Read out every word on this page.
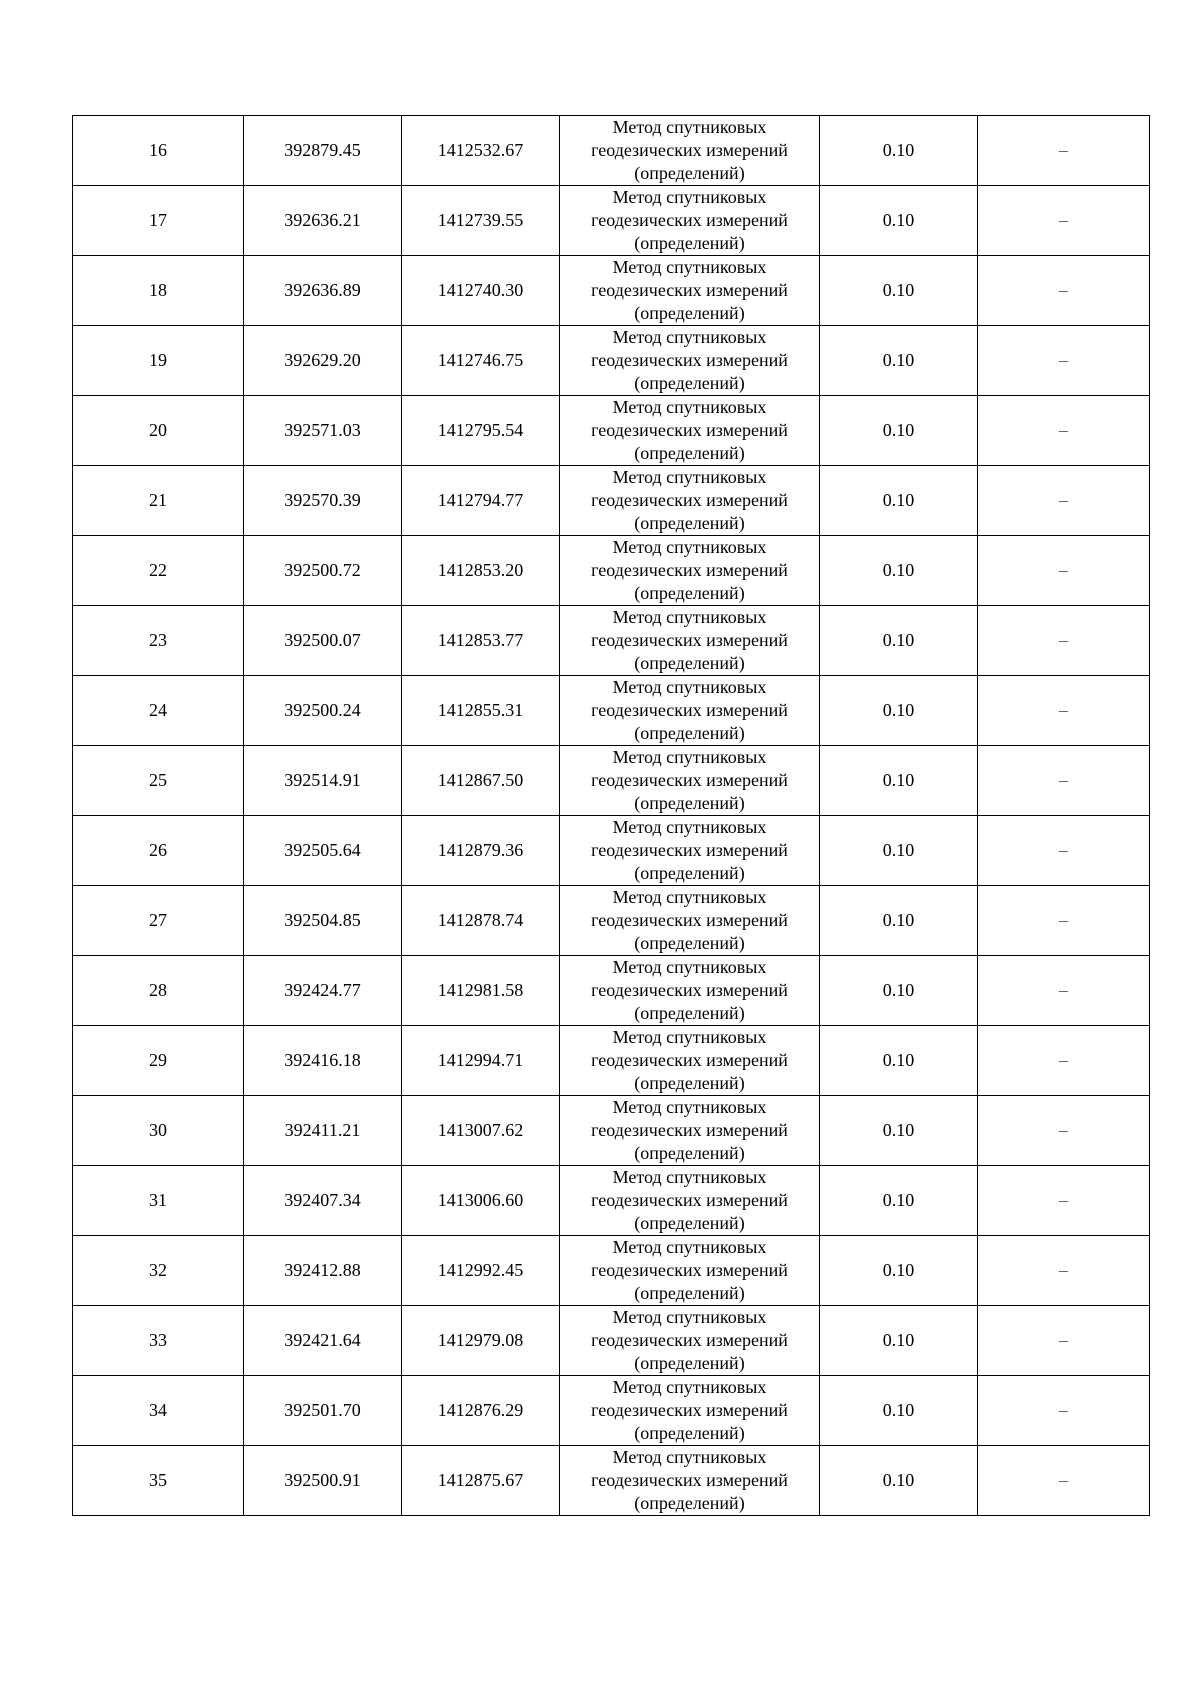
16	392879.45	1412532.67	Метод спутниковых геодезических измерений (определений)	0.10	–
17	392636.21	1412739.55	Метод спутниковых геодезических измерений (определений)	0.10	–
18	392636.89	1412740.30	Метод спутниковых геодезических измерений (определений)	0.10	–
19	392629.20	1412746.75	Метод спутниковых геодезических измерений (определений)	0.10	–
20	392571.03	1412795.54	Метод спутниковых геодезических измерений (определений)	0.10	–
21	392570.39	1412794.77	Метод спутниковых геодезических измерений (определений)	0.10	–
22	392500.72	1412853.20	Метод спутниковых геодезических измерений (определений)	0.10	–
23	392500.07	1412853.77	Метод спутниковых геодезических измерений (определений)	0.10	–
24	392500.24	1412855.31	Метод спутниковых геодезических измерений (определений)	0.10	–
25	392514.91	1412867.50	Метод спутниковых геодезических измерений (определений)	0.10	–
26	392505.64	1412879.36	Метод спутниковых геодезических измерений (определений)	0.10	–
27	392504.85	1412878.74	Метод спутниковых геодезических измерений (определений)	0.10	–
28	392424.77	1412981.58	Метод спутниковых геодезических измерений (определений)	0.10	–
29	392416.18	1412994.71	Метод спутниковых геодезических измерений (определений)	0.10	–
30	392411.21	1413007.62	Метод спутниковых геодезических измерений (определений)	0.10	–
31	392407.34	1413006.60	Метод спутниковых геодезических измерений (определений)	0.10	–
32	392412.88	1412992.45	Метод спутниковых геодезических измерений (определений)	0.10	–
33	392421.64	1412979.08	Метод спутниковых геодезических измерений (определений)	0.10	–
34	392501.70	1412876.29	Метод спутниковых геодезических измерений (определений)	0.10	–
35	392500.91	1412875.67	Метод спутниковых геодезических измерений (определений)	0.10	–
